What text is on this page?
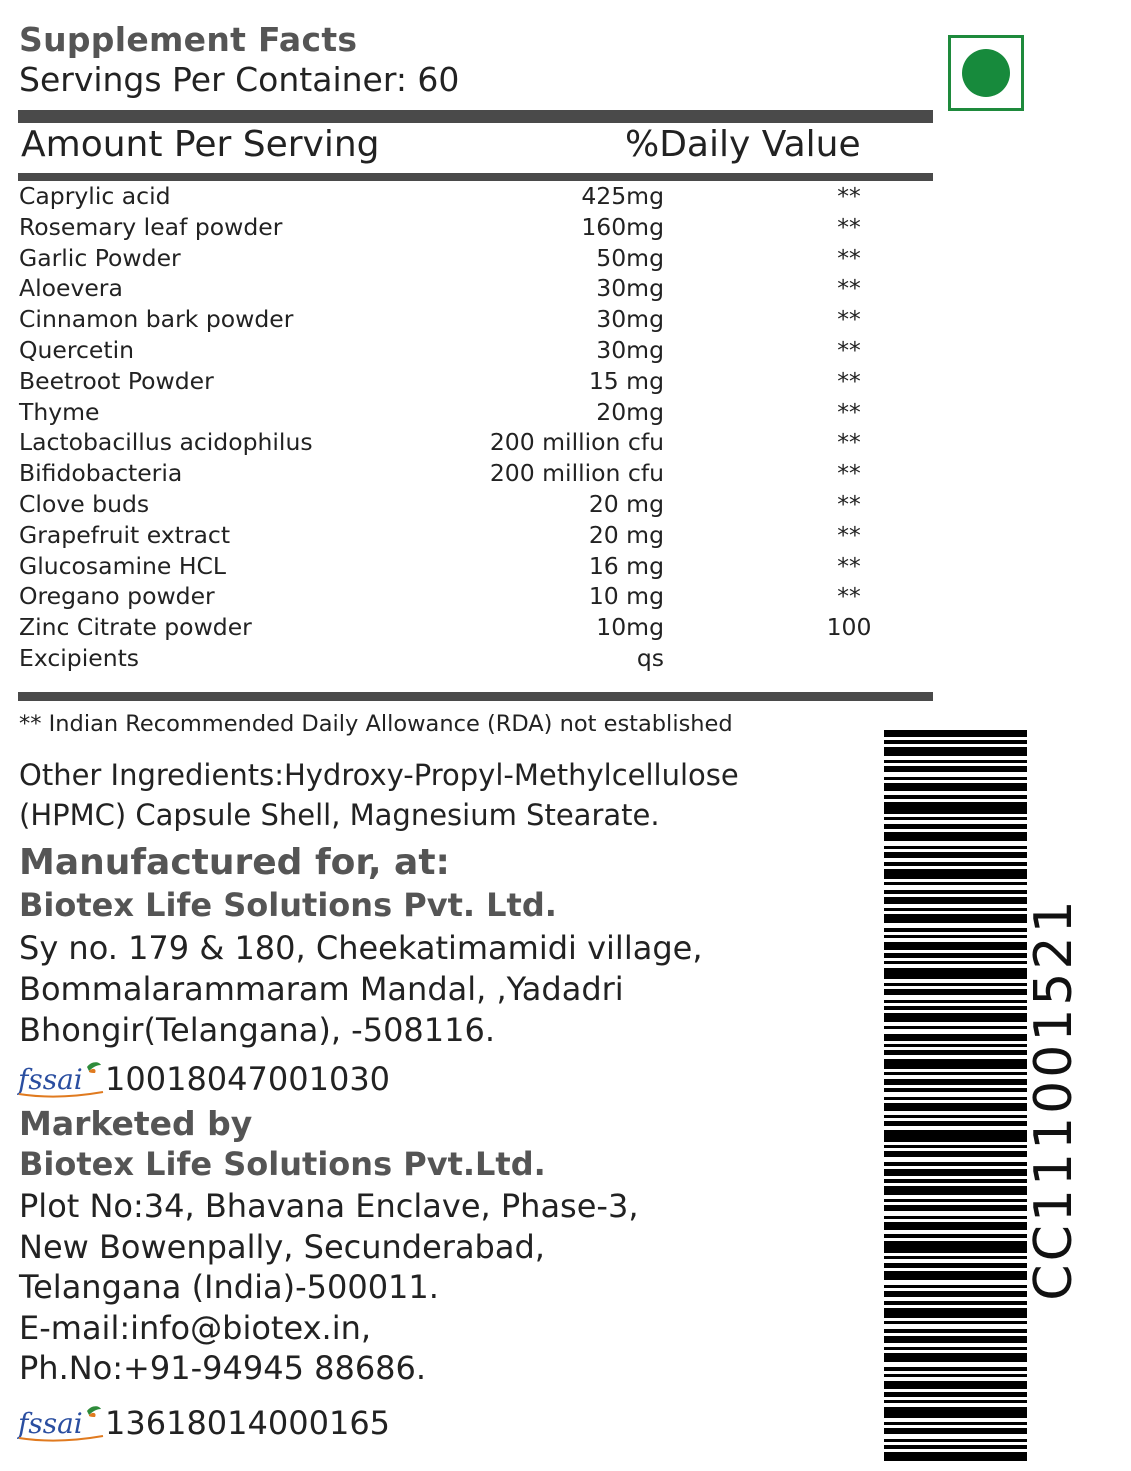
Supplement Facts
Servings Per Container: 60
Amount Per Serving	%Daily Value
Caprylic acid	425mg	**
Rosemary leaf powder	160mg	**
Garlic Powder	50mg	**
Aloevera	30mg	**
Cinnamon bark powder	30mg	**
Quercetin	30mg	**
Beetroot Powder	15 mg	**
Thyme	20mg	**
Lactobacillus acidophilus	200 million cfu	**
Bifidobacteria	200 million cfu	**
Clove buds	20 mg	**
Grapefruit extract	20 mg	**
Glucosamine HCL	16 mg	**
Oregano powder	10 mg	**
Zinc Citrate powder	10mg	100
Excipients	qs
** Indian Recommended Daily Allowance (RDA) not established
Other Ingredients:Hydroxy-Propyl-Methylcellulose
(HPMC) Capsule Shell, Magnesium Stearate.
Manufactured for, at:
Biotex Life Solutions Pvt. Ltd.
Sy no. 179 & 180, Cheekatimamidi village,
Bommalarammaram Mandal, ,Yadadri
Bhongir(Telangana), -508116.
fssai 10018047001030
Marketed by
Biotex Life Solutions Pvt.Ltd.
Plot No:34, Bhavana Enclave, Phase-3,
New Bowenpally, Secunderabad,
Telangana (India)-500011.
E-mail:info@biotex.in,
Ph.No:+91-94945 88686.
fssai 13618014000165
CC111001521
